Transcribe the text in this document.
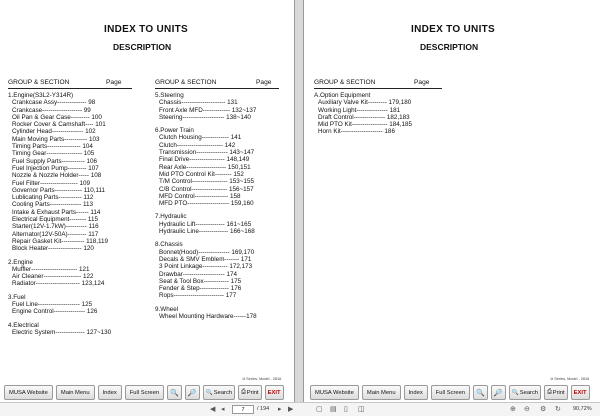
INDEX TO UNITS
DESCRIPTION
GROUP & SECTION	Page
1.Engine(S3L2-Y314R)
Crankcase Assy-------------- 98
Crankcase------------------- 99
Oil Pan & Gear Case--------- 100
Rocker Cover & Camshaft---- 101
Cylinder Head--------------- 102
Main Moving Parts----------- 103
Timing Parts---------------- 104
Timing Gear----------------- 105
Fuel Supply Parts----------- 106
Fuel Injection Pump--------- 107
Nozzle & Nozzle Holder----- 108
Fuel Filter------------------ 109
Governor Parts------------- 110,111
Lublicating Parts----------- 112
Cooling Parts--------------- 113
Intake & Exhaust Parts------ 114
Electrical Equipment-------- 115
Starter(12V-1.7kW)---------- 116
Alternator(12V-50A)--------- 117
Repair Gasket Kit----------- 118,119
Block Heater---------------- 120
2.Engine
Muffler---------------------- 121
Air Cleaner------------------ 122
Radiator--------------------- 123,124
3.Fuel
Fuel Line-------------------- 125
Engine Control--------------- 126
4.Electrical
Electric System-------------- 127~130
GROUP & SECTION	Page
5.Steering
Chassis--------------------- 131
Front Axle MFD------------- 132~137
Steering-------------------- 138~140
6.Power Train
Clutch Housing------------- 141
Clutch---------------------- 142
Transmission--------------- 143~147
Final Drive----------------- 148,149
Rear Axle------------------- 150,151
Mid PTO Control Kit-------- 152
T/M Control----------------- 153~155
C/B Control----------------- 156~157
MFD Control---------------- 158
MFD PTO-------------------- 159,160
7.Hydraulic
Hydraulic Lift-------------- 161~165
Hydraulic Line-------------- 166~168
8.Chassis
Bonnet(Hood)--------------- 169,170
Decals & SMV Emblem------- 171
3 Point Linkage------------ 172,173
Drawbar-------------------- 174
Seat & Tool Box------------ 175
Fender & Step-------------- 176
Rops------------------------ 177
9.Wheel
Wheel Mounting Hardware------178
1t Series, Model - 2816
MUSA Website	Main Menu	Index	Full Screen	🔍 🔎 🔍 Search ⎙ Print	EXIT
INDEX TO UNITS
DESCRIPTION
GROUP & SECTION	Page
A.Option Equipment
Auxiliary Valve Kit--------- 179,180
Working Light--------------- 181
Draft Control--------------- 182,183
Mid PTO Kit----------------- 184,185
Horn Kit-------------------- 186
1t Series, Model - 2816
MUSA Website	Main Menu	Index	Full Screen	🔍 🔎 🔍 Search ⎙ Print	EXIT
◀ ◂	7	/ 194 ▸ ▶	▢ ▤ ▯ ◫	⊕ ⊖ ⚙ ↻ 90,72%
